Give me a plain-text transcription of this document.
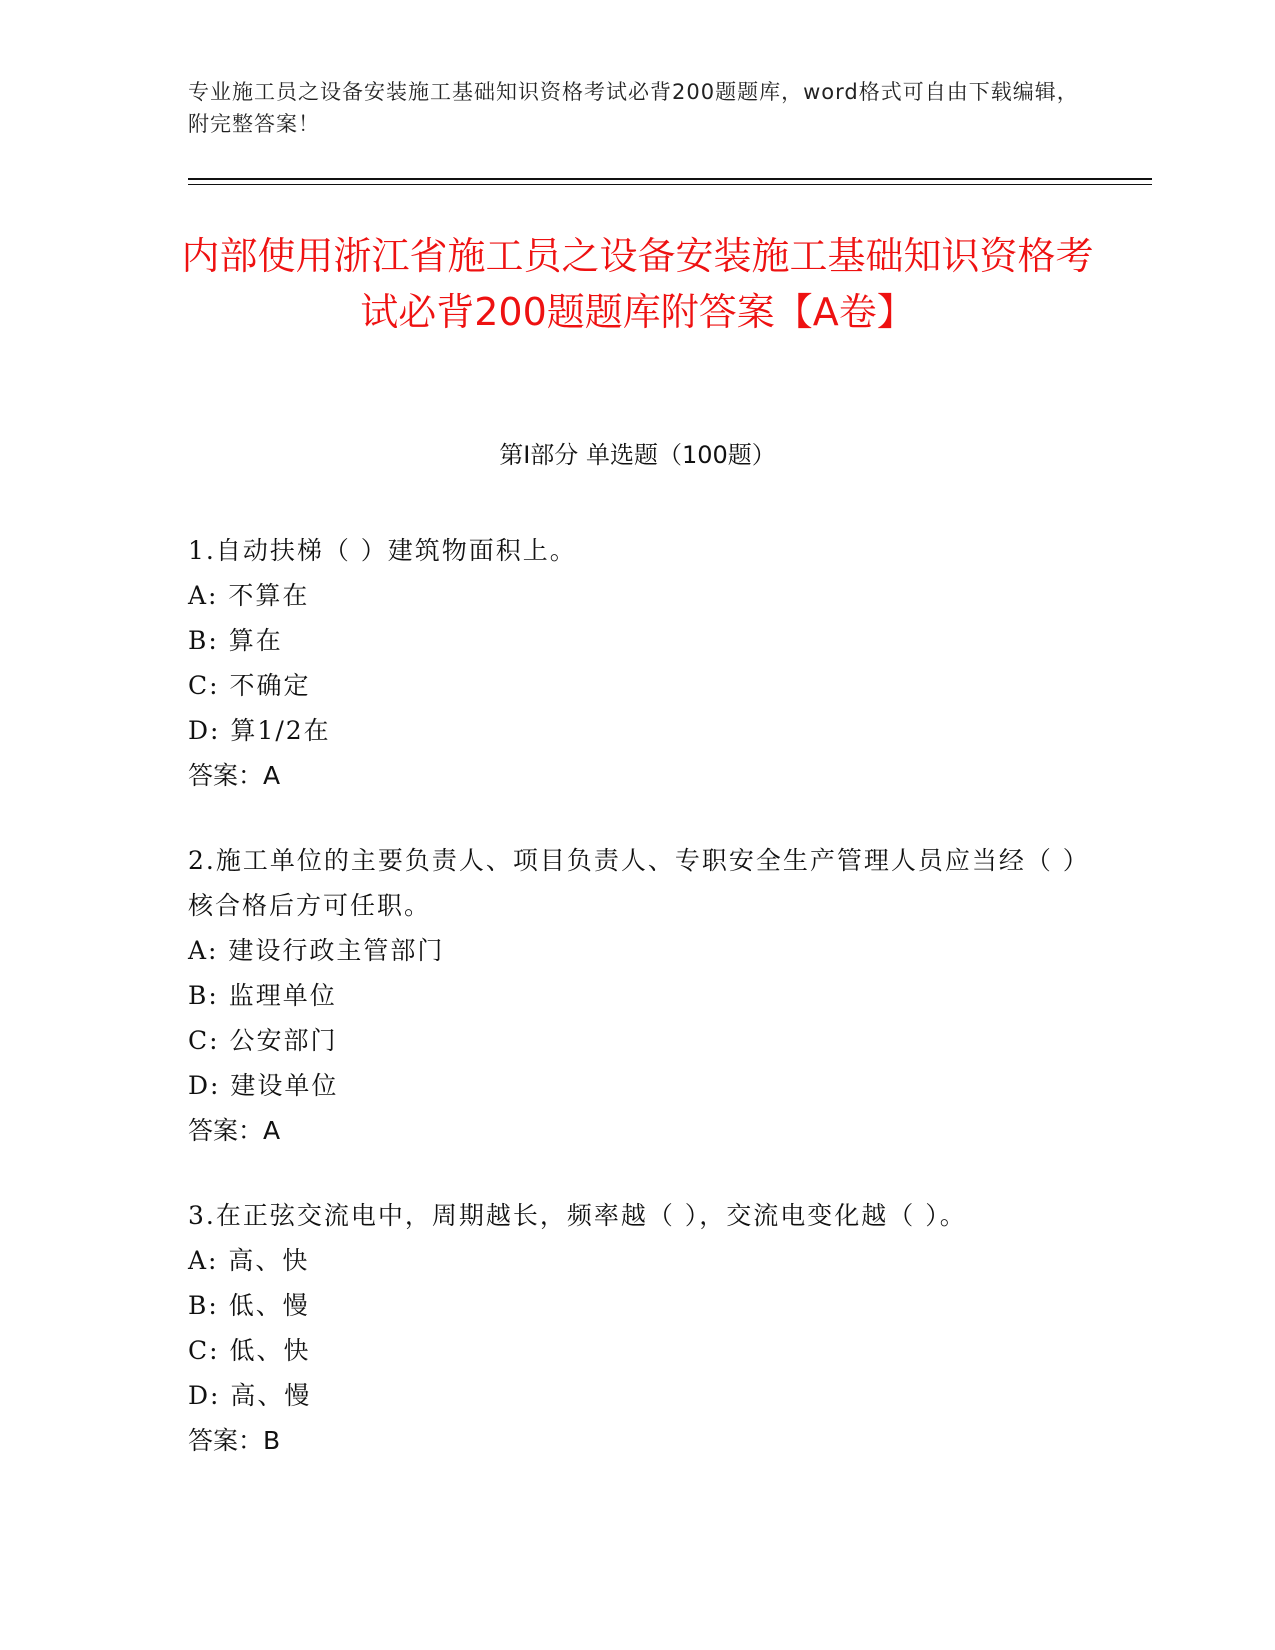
专业施工员之设备安装施工基础知识资格考试必背200题题库，word格式可自由下载编辑，附完整答案！
内部使用浙江省施工员之设备安装施工基础知识资格考试必背200题题库附答案【A卷】
第Ⅰ部分 单选题（100题）

1.自动扶梯（ ）建筑物面积上。

A: 不算在

B: 算在

C: 不确定

D: 算1/2在

答案：A

2.施工单位的主要负责人、项目负责人、专职安全生产管理人员应当经（ ）核合格后方可任职。

A: 建设行政主管部门

B: 监理单位

C: 公安部门

D: 建设单位

答案：A

3.在正弦交流电中，周期越长，频率越（ ），交流电变化越（ ）。

A: 高、快

B: 低、慢

C: 低、快

D: 高、慢

答案：B
